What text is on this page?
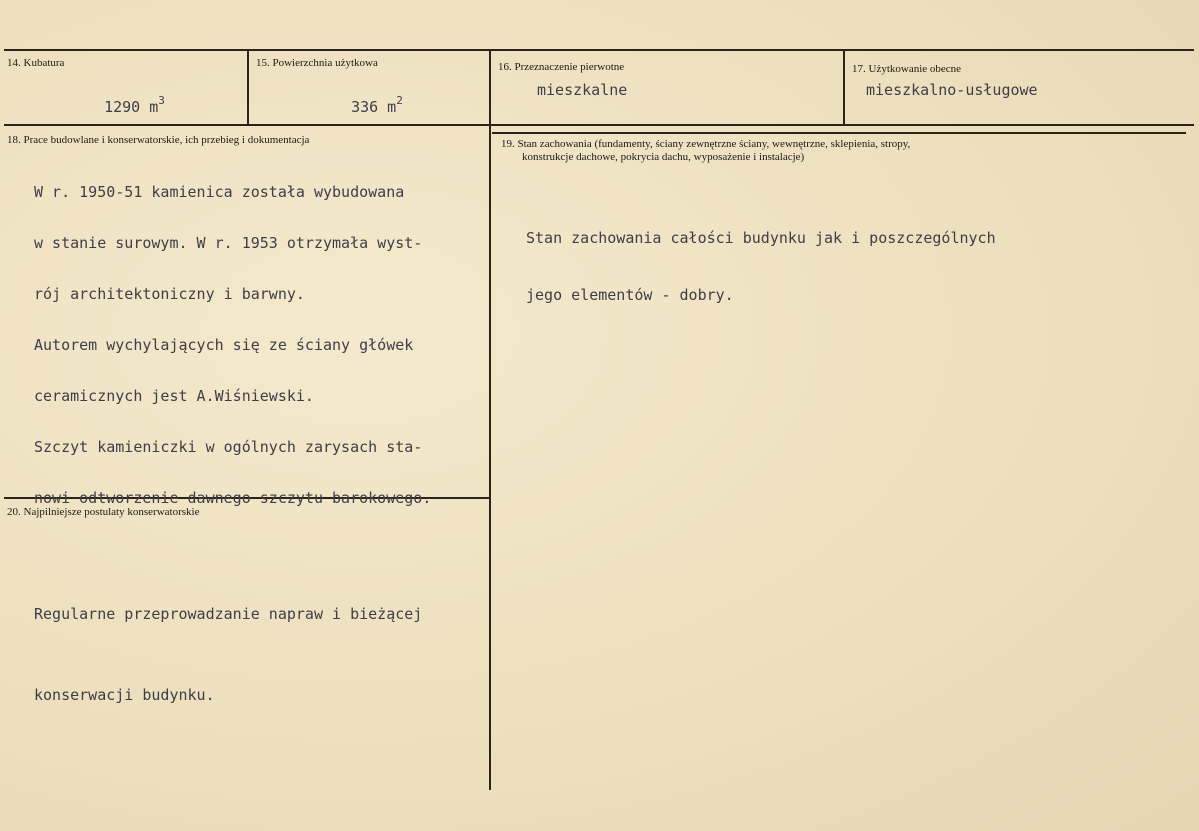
14. Kubatura

1290 $m^3$

15. Powierzchnia użytkowa

336 $m^2$

16. Przeznaczenie pierwotne
mieszkalne
17. Użytkowanie obecne
mieszkalno-usługowe
18. Prace budowlane i konserwatorskie, ich przebieg i dokumentacja

W r. 1950-51 kamienica została wybudowana

w stanie surowym. W r. 1953 otrzymała wyst-

rój architektoniczny i barwny.

Autorem wychylających się ze ściany główek

ceramicznych jest A.Wiśniewski.

Szczyt kamieniczki w ogólnych zarysach sta-

nowi odtworzenie dawnego szczytu barokowego.

19. Stan zachowania (fundamenty, ściany zewnętrzne ściany, wewnętrzne, sklepienia, stropy,
konstrukcje dachowe, pokrycia dachu, wyposażenie i instalacje)

Stan zachowania całości budynku jak i poszczególnych

jego elementów - dobry.

20. Najpilniejsze postulaty konserwatorskie

Regularne przeprowadzanie napraw i bieżącej

konserwacji budynku.
